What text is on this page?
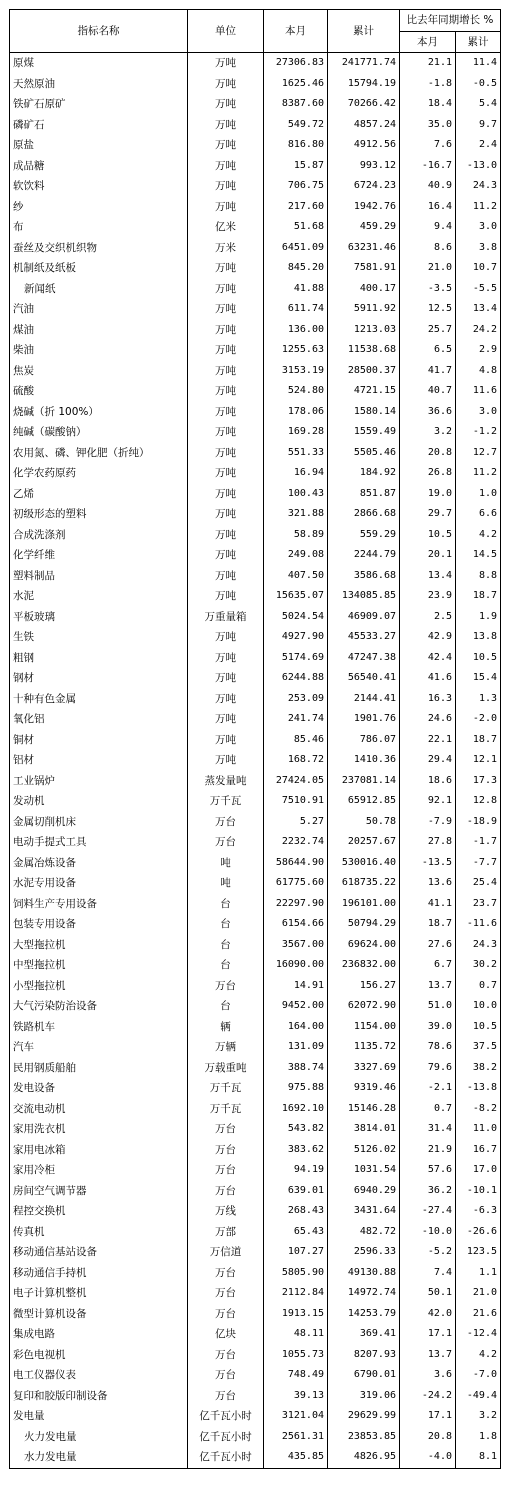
指标名称	单位	本月	累计	比去年同期增长 %	
				本月	累计
原煤	万吨	27306.83	241771.74	21.1	11.4
天然原油	万吨	1625.46	15794.19	-1.8	-0.5
铁矿石原矿	万吨	8387.60	70266.42	18.4	5.4
磷矿石	万吨	549.72	4857.24	35.0	9.7
原盐	万吨	816.80	4912.56	7.6	2.4
成品糖	万吨	15.87	993.12	-16.7	-13.0
软饮料	万吨	706.75	6724.23	40.9	24.3
纱	万吨	217.60	1942.76	16.4	11.2
布	亿米	51.68	459.29	9.4	3.0
蚕丝及交织机织物	万米	6451.09	63231.46	8.6	3.8
机制纸及纸板	万吨	845.20	7581.91	21.0	10.7
新闻纸	万吨	41.88	400.17	-3.5	-5.5
汽油	万吨	611.74	5911.92	12.5	13.4
煤油	万吨	136.00	1213.03	25.7	24.2
柴油	万吨	1255.63	11538.68	6.5	2.9
焦炭	万吨	3153.19	28500.37	41.7	4.8
硫酸	万吨	524.80	4721.15	40.7	11.6
烧碱（折 100%）	万吨	178.06	1580.14	36.6	3.0
纯碱（碳酸钠）	万吨	169.28	1559.49	3.2	-1.2
农用氮、磷、钾化肥（折纯）	万吨	551.33	5505.46	20.8	12.7
化学农药原药	万吨	16.94	184.92	26.8	11.2
乙烯	万吨	100.43	851.87	19.0	1.0
初级形态的塑料	万吨	321.88	2866.68	29.7	6.6
合成洗涤剂	万吨	58.89	559.29	10.5	4.2
化学纤维	万吨	249.08	2244.79	20.1	14.5
塑料制品	万吨	407.50	3586.68	13.4	8.8
水泥	万吨	15635.07	134085.85	23.9	18.7
平板玻璃	万重量箱	5024.54	46909.07	2.5	1.9
生铁	万吨	4927.90	45533.27	42.9	13.8
粗钢	万吨	5174.69	47247.38	42.4	10.5
钢材	万吨	6244.88	56540.41	41.6	15.4
十种有色金属	万吨	253.09	2144.41	16.3	1.3
氧化铝	万吨	241.74	1901.76	24.6	-2.0
铜材	万吨	85.46	786.07	22.1	18.7
铝材	万吨	168.72	1410.36	29.4	12.1
工业锅炉	蒸发量吨	27424.05	237081.14	18.6	17.3
发动机	万千瓦	7510.91	65912.85	92.1	12.8
金属切削机床	万台	5.27	50.78	-7.9	-18.9
电动手提式工具	万台	2232.74	20257.67	27.8	-1.7
金属冶炼设备	吨	58644.90	530016.40	-13.5	-7.7
水泥专用设备	吨	61775.60	618735.22	13.6	25.4
饲料生产专用设备	台	22297.90	196101.00	41.1	23.7
包装专用设备	台	6154.66	50794.29	18.7	-11.6
大型拖拉机	台	3567.00	69624.00	27.6	24.3
中型拖拉机	台	16090.00	236832.00	6.7	30.2
小型拖拉机	万台	14.91	156.27	13.7	0.7
大气污染防治设备	台	9452.00	62072.90	51.0	10.0
铁路机车	辆	164.00	1154.00	39.0	10.5
汽车	万辆	131.09	1135.72	78.6	37.5
民用钢质船舶	万载重吨	388.74	3327.69	79.6	38.2
发电设备	万千瓦	975.88	9319.46	-2.1	-13.8
交流电动机	万千瓦	1692.10	15146.28	0.7	-8.2
家用洗衣机	万台	543.82	3814.01	31.4	11.0
家用电冰箱	万台	383.62	5126.02	21.9	16.7
家用冷柜	万台	94.19	1031.54	57.6	17.0
房间空气调节器	万台	639.01	6940.29	36.2	-10.1
程控交换机	万线	268.43	3431.64	-27.4	-6.3
传真机	万部	65.43	482.72	-10.0	-26.6
移动通信基站设备	万信道	107.27	2596.33	-5.2	123.5
移动通信手持机	万台	5805.90	49130.88	7.4	1.1
电子计算机整机	万台	2112.84	14972.74	50.1	21.0
微型计算机设备	万台	1913.15	14253.79	42.0	21.6
集成电路	亿块	48.11	369.41	17.1	-12.4
彩色电视机	万台	1055.73	8207.93	13.7	4.2
电工仪器仪表	万台	748.49	6790.01	3.6	-7.0
复印和胶版印制设备	万台	39.13	319.06	-24.2	-49.4
发电量	亿千瓦小时	3121.04	29629.99	17.1	3.2
火力发电量	亿千瓦小时	2561.31	23853.85	20.8	1.8
水力发电量	亿千瓦小时	435.85	4826.95	-4.0	8.1
